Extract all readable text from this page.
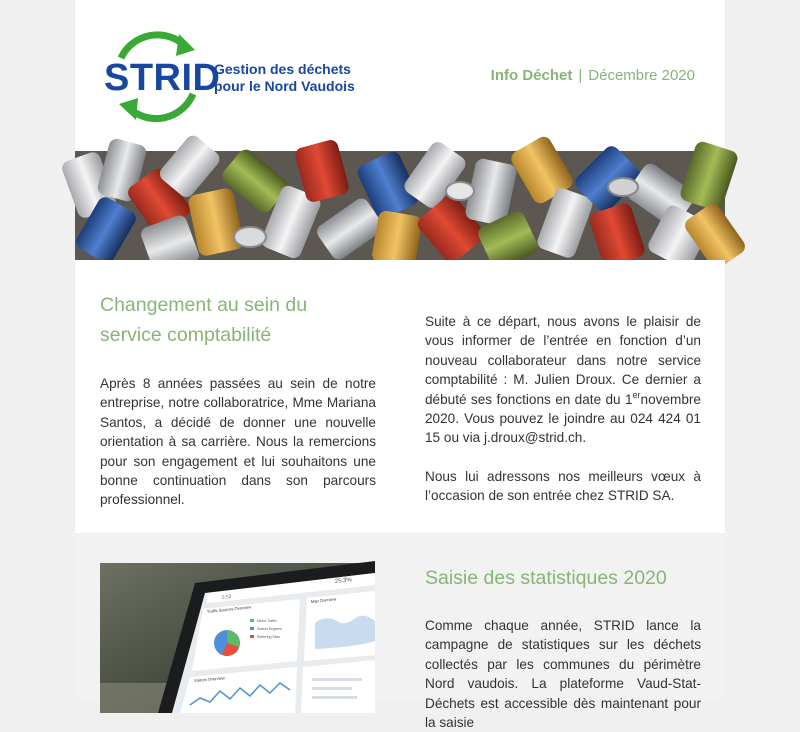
STRID
Gestion des déchets
pour le Nord Vaudois
Info Déchet | Décembre 2020
Changement au sein du
service comptabilité

Après 8 années passées au sein de notre entreprise, notre collaboratrice, Mme Mariana Santos, a décidé de donner une nouvelle orientation à sa carrière. Nous la remercions pour son engagement et lui souhaitons une bonne continuation dans son parcours professionnel.

Suite à ce départ, nous avons le plaisir de vous informer de l’entrée en fonction d’un nouveau collaborateur dans notre service comptabilité : M. Julien Droux. Ce dernier a débuté ses fonctions en date du 1ernovembre 2020. Vous pouvez le joindre au 024 424 01 15 ou via j.droux@strid.ch.

Nous lui adressons nos meilleurs vœux à l’occasion de son entrée chez STRID SA.

3.52
25.3%
Traffic Sources Overview
Direct Traffic
Search Engines
Referring Sites
Map Overview
Visitors Overview
Saisie des statistiques 2020

Comme chaque année, STRID lance la campagne de statistiques sur les déchets collectés par les communes du périmètre Nord vaudois. La plateforme Vaud-Stat-Déchets est accessible dès maintenant pour la saisie
